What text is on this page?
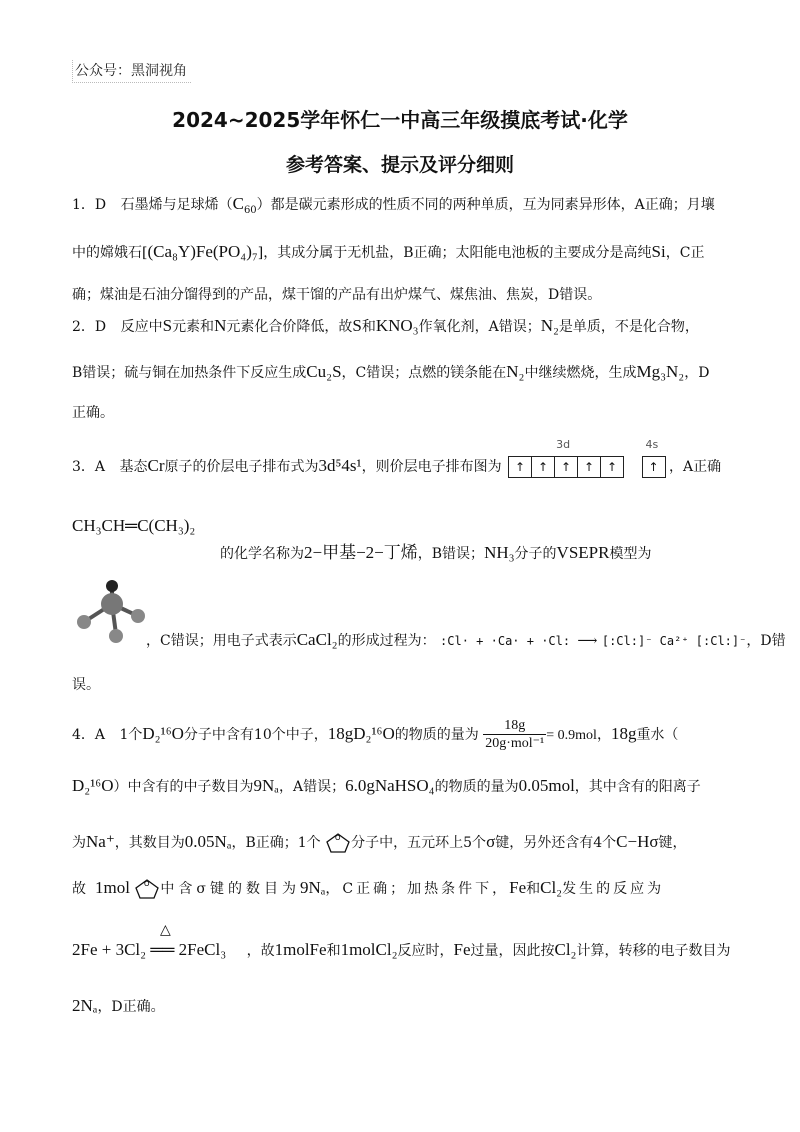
公众号：黑洞视角
2024~2025学年怀仁一中高三年级摸底考试·化学
参考答案、提示及评分细则
1．D 石墨烯与足球烯$(C_{60})$都是碳元素形成的性质不同的两种单质，互为同素异形体，A正确；月壤
中的嫦娥石[(Ca₈Y)Fe(PO₄)₇]，其成分属于无机盐，B正确；太阳能电池板的主要成分是高纯Si，C正
确；煤油是石油分馏得到的产品，煤干馏的产品有出炉煤气、煤焦油、焦炭，D错误。
2．D 反应中S元素和N元素化合价降低，故S和KNO₃作氧化剂，A错误；N₂是单质，不是化合物，
B错误；硫与铜在加热条件下反应生成Cu₂S，C错误；点燃的镁条能在N₂中继续燃烧，生成Mg₃N₂，D
正确。
3．A 基态Cr原子的价层电子排布式为3d⁵4s¹，则价层电子排布图为
3d
↑ ↑ ↑ ↑ ↑
4s
↑ ，A正确
CH₃CH═C(CH₃)₂
的化学名称为2−甲基−2−丁烯，B错误；NH₃分子的VSEPR模型为
，C错误；用电子式表示CaCl₂的形成过程为： :Cl· + ·Ca· + ·Cl: ⟶ [:Cl:]⁻ Ca²⁺ [:Cl:]⁻，D错
误。
4．A 1个D₂¹⁶O分子中含有10个中子，18gD₂¹⁶O的物质的量为 $\frac{18g}{\text{20g·mol⁻¹}} = 0.9mol$，18g重水（
D₂¹⁶O）中含有的中子数目为9Nₐ，A错误；6.0gNaHSO₄的物质的量为0.05mol，其中含有的阳离子
为Na⁺，其数目为0.05Nₐ，B正确；1个 O 分子中，五元环上5个σ键，另外还含有4个C−Hσ键，
故 1mol O 中含σ键的数目为9Nₐ，C正确；加热条件下，Fe和Cl₂发生的反应为
△
2Fe + 3Cl₂ ══ 2FeCl₃ ，故1molFe和1molCl₂反应时，Fe过量，因此按Cl₂计算，转移的电子数目为
2Nₐ，D正确。
